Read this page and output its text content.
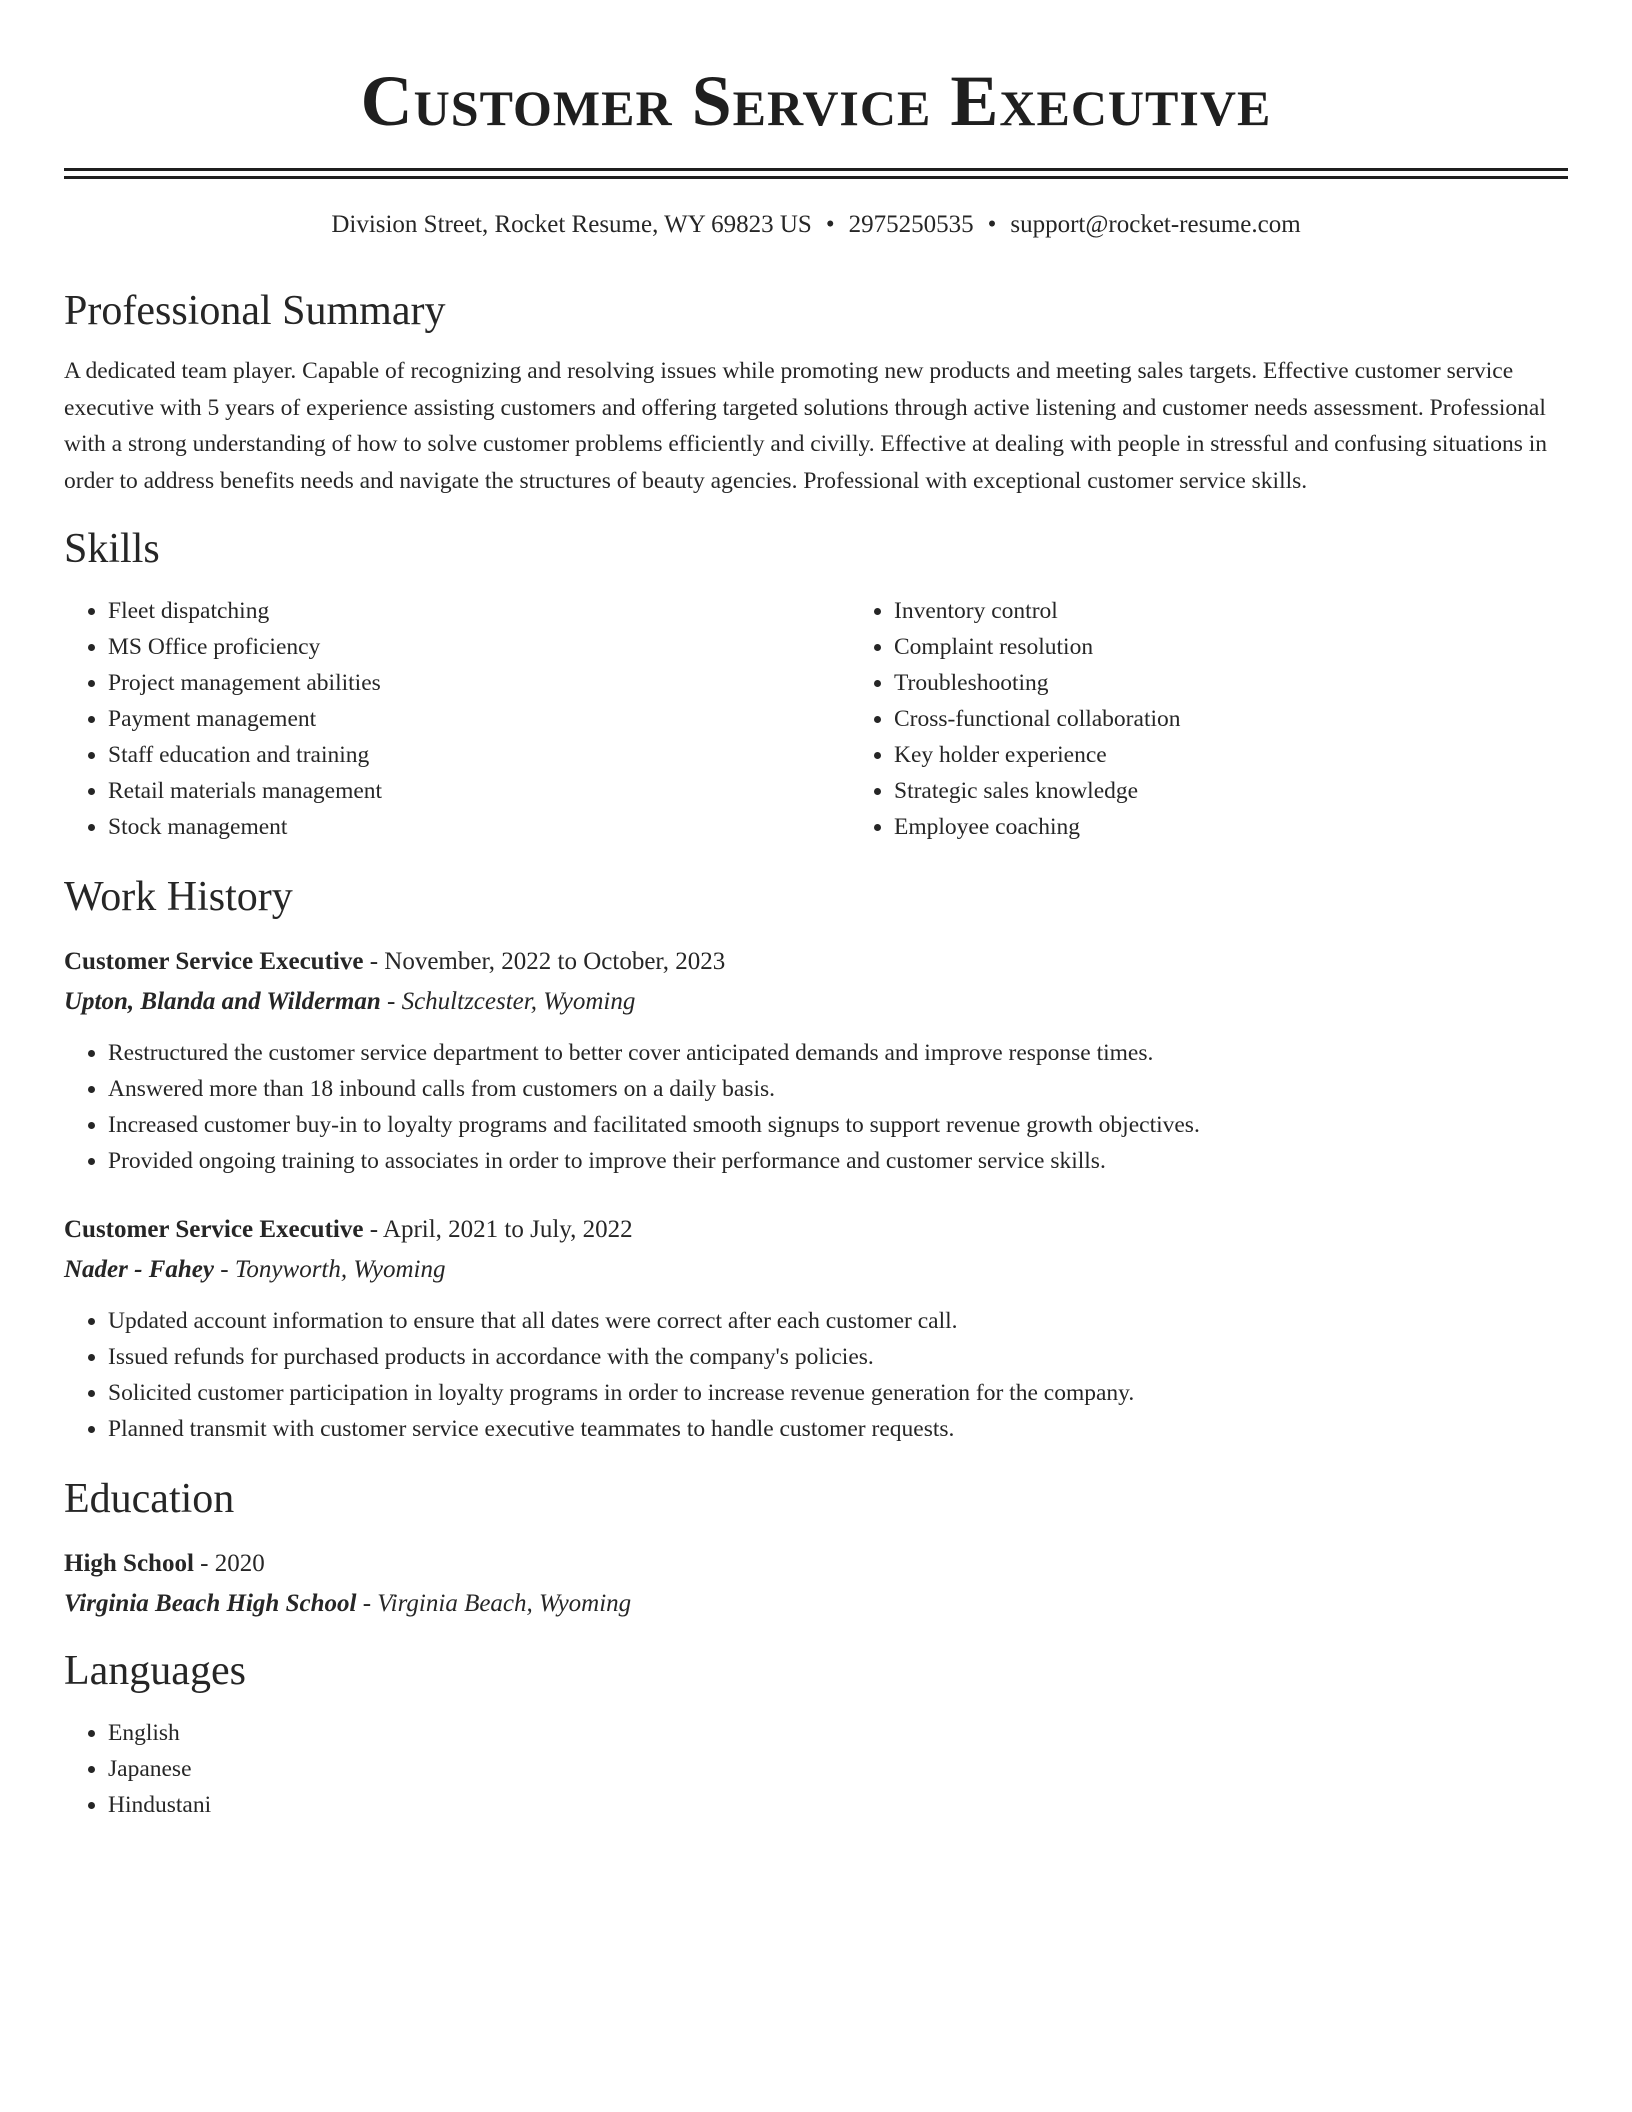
Customer Service Executive
Division Street, Rocket Resume, WY 69823 US • 2975250535 • support@rocket-resume.com
Professional Summary

A dedicated team player. Capable of recognizing and resolving issues while promoting new products and meeting sales targets. Effective customer service executive with 5 years of experience assisting customers and offering targeted solutions through active listening and customer needs assessment. Professional with a strong understanding of how to solve customer problems efficiently and civilly. Effective at dealing with people in stressful and confusing situations in order to address benefits needs and navigate the structures of beauty agencies. Professional with exceptional customer service skills.

Skills
• Fleet dispatching
• MS Office proficiency
• Project management abilities
• Payment management
• Staff education and training
• Retail materials management
• Stock management
• Inventory control
• Complaint resolution
• Troubleshooting
• Cross-functional collaboration
• Key holder experience
• Strategic sales knowledge
• Employee coaching
Work History
Customer Service Executive - November, 2022 to October, 2023
Upton, Blanda and Wilderman - Schultzcester, Wyoming
• Restructured the customer service department to better cover anticipated demands and improve response times.
• Answered more than 18 inbound calls from customers on a daily basis.
• Increased customer buy-in to loyalty programs and facilitated smooth signups to support revenue growth objectives.
• Provided ongoing training to associates in order to improve their performance and customer service skills.
Customer Service Executive - April, 2021 to July, 2022
Nader - Fahey - Tonyworth, Wyoming
• Updated account information to ensure that all dates were correct after each customer call.
• Issued refunds for purchased products in accordance with the company's policies.
• Solicited customer participation in loyalty programs in order to increase revenue generation for the company.
• Planned transmit with customer service executive teammates to handle customer requests.
Education
High School - 2020
Virginia Beach High School - Virginia Beach, Wyoming
Languages
• English
• Japanese
• Hindustani
